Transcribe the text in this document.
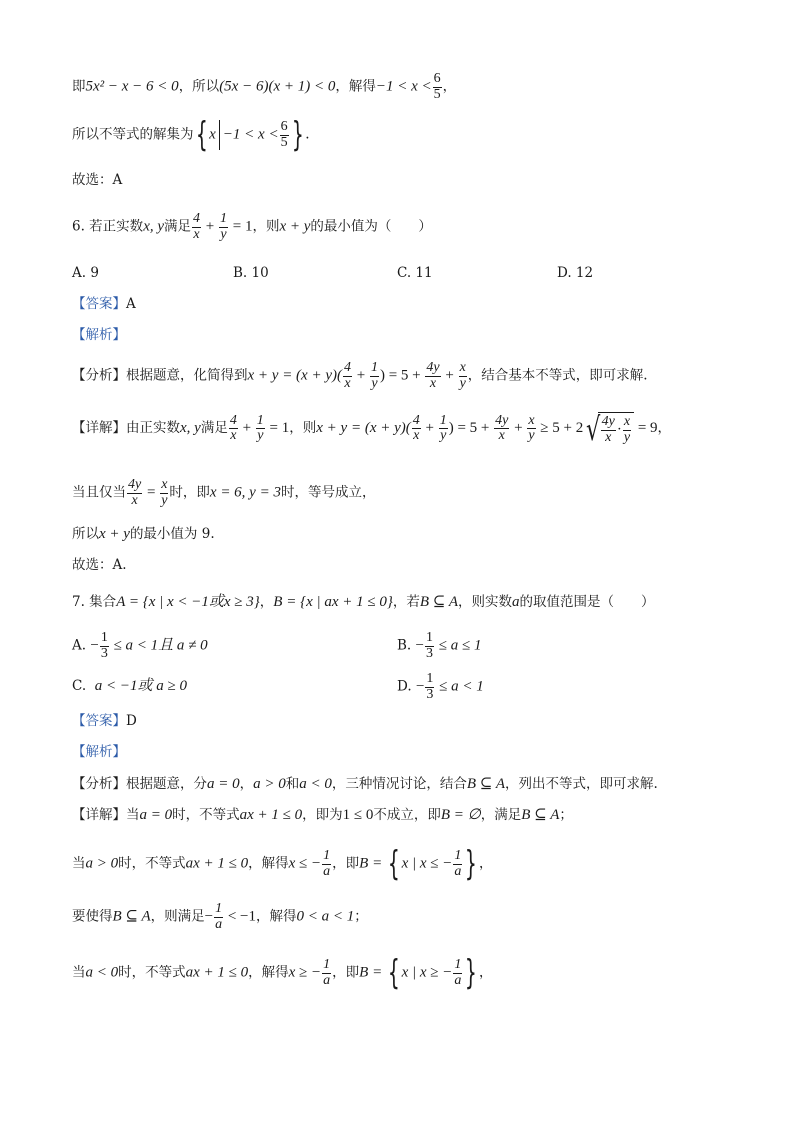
即5x² − x − 6 < 0，所以(5x − 6)(x + 1) < 0，解得$-1 < x < \frac{6}{5}$ ，
所以不等式的解集为{ $x -1 < x < \frac{6}{5}$ } .
故选：A
6. 若正实数x, y满足 $\frac{4}{x} + \frac{1}{y} = 1$，则x + y的最小值为（　　）
A. 9	B. 10	C. 11	D. 12
【答案】A
【解析】
【分析】根据题意，化简得到$x + y = (x + y)( \frac{4}{x} + \frac{1}{y}$ ) = $5 + \frac{4y}{x} + \frac{x}{y}$ ，结合基本不等式，即可求解.
【详解】由正实数x, y满足 $\frac{4}{x} + \frac{1}{y} = 1$，则$x + y = (x + y)( \frac{4}{x} + \frac{1}{y}$ ) = $5 + \frac{4y}{x} + \frac{x}{y} \ge 5 + 2√ \frac{4y}{x} \cdot \frac{x}{y} = 9$，
当且仅当 $\frac{4y}{x} = \frac{x}{y}$ 时，即x = 6, y = 3时，等号成立，
所以x + y的最小值为 9.
故选：A.
7. 集合A = {x | x < −1或x ≥ 3}，B = {x | ax + 1 ≤ 0}，若B ⊆ A，则实数a的取值范围是（　　）
A. − $\frac{1}{3} \le a < 1$且 a ≠ 0	B. − $\frac{1}{3} \le a \le 1$
C. a < −1或 a ≥ 0	D. − $\frac{1}{3} \le a < 1$
【答案】D
【解析】
【分析】根据题意，分a = 0，a > 0和a < 0，三种情况讨论，结合B ⊆ A，列出不等式，即可求解.
【详解】当a = 0时，不等式ax + 1 ≤ 0，即为1 ≤ 0不成立，即B = ∅，满足B ⊆ A；
当a > 0时，不等式ax + 1 ≤ 0，解得x ≤ − $\frac{1}{a}$ ，即B = { x | x ≤ − $\frac{1}{a}$ } ，
要使得B ⊆ A，则满足− $\frac{1}{a} < -1$，解得0 < a < 1；
当a < 0时，不等式ax + 1 ≤ 0，解得x ≥ − $\frac{1}{a}$ ，即B = { x | x ≥ − $\frac{1}{a}$ } ，
